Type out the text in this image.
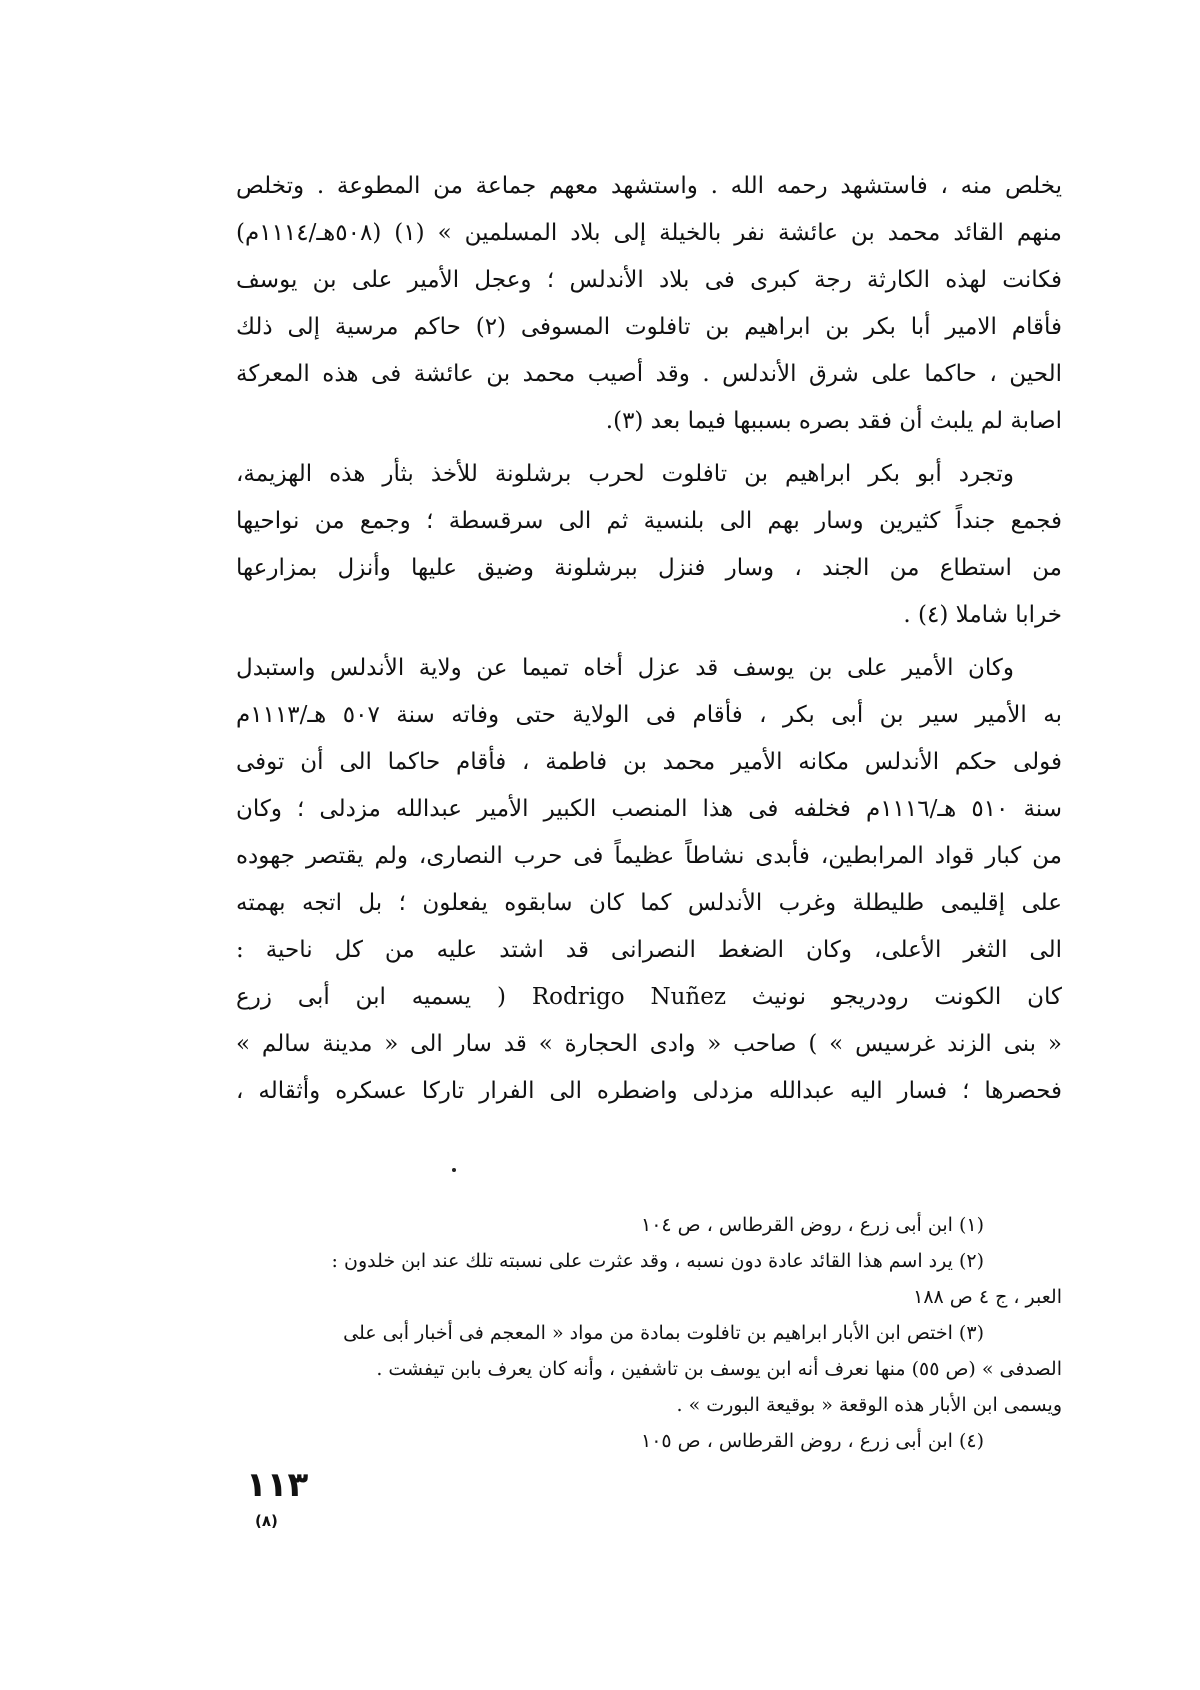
يخلص منه ، فاستشهد رحمه الله . واستشهد معهم جماعة من المطوعة . وتخلص
منهم القائد محمد بن عائشة نفر بالخيلة إلى بلاد المسلمين » (١) (٥٠٨هـ/١١١٤م)
فكانت لهذه الكارثة رجة كبرى فى بلاد الأندلس ؛ وعجل الأمير على بن يوسف
فأقام الامير أبا بكر بن ابراهيم بن تافلوت المسوفى (٢) حاكم مرسية إلى ذلك
الحين ، حاكما على شرق الأندلس . وقد أصيب محمد بن عائشة فى هذه المعركة
اصابة لم يلبث أن فقد بصره بسببها فيما بعد (٣).
وتجرد أبو بكر ابراهيم بن تافلوت لحرب برشلونة للأخذ بثأر هذه الهزيمة،
فجمع جنداً كثيرين وسار بهم الى بلنسية ثم الى سرقسطة ؛ وجمع من نواحيها
من استطاع من الجند ، وسار فنزل ببرشلونة وضيق عليها وأنزل بمزارعها
خرابا شاملا (٤) .
وكان الأمير على بن يوسف قد عزل أخاه تميما عن ولاية الأندلس واستبدل
به الأمير سير بن أبى بكر ، فأقام فى الولاية حتى وفاته سنة ٥٠٧ هـ/١١١٣م
فولى حكم الأندلس مكانه الأمير محمد بن فاطمة ، فأقام حاكما الى أن توفى
سنة ٥١٠ هـ/١١١٦م فخلفه فى هذا المنصب الكبير الأمير عبدالله مزدلى ؛ وكان
من كبار قواد المرابطين، فأبدى نشاطاً عظيماً فى حرب النصارى، ولم يقتصر جهوده
على إقليمى طليطلة وغرب الأندلس كما كان سابقوه يفعلون ؛ بل اتجه بهمته
الى الثغر الأعلى، وكان الضغط النصرانى قد اشتد عليه من كل ناحية :
كان الكونت رودريجو نونيث Rodrigo Nuñez ( يسميه ابن أبى زرع
« بنى الزند غرسيس » ) صاحب « وادى الحجارة » قد سار الى « مدينة سالم »
فحصرها ؛ فسار اليه عبدالله مزدلى واضطره الى الفرار تاركا عسكره وأثقاله ،
(١) ابن أبى زرع ، روض القرطاس ، ص ١٠٤
(٢) يرد اسم هذا القائد عادة دون نسبه ، وقد عثرت على نسبته تلك عند ابن خلدون :
العبر ، ج ٤ ص ١٨٨
(٣) اختص ابن الأبار ابراهيم بن تافلوت بمادة من مواد « المعجم فى أخبار أبى على
الصدفى » (ص ٥٥) منها نعرف أنه ابن يوسف بن تاشفين ، وأنه كان يعرف بابن تيفشت .
ويسمى ابن الأبار هذه الوقعة « بوقيعة البورت » .
(٤) ابن أبى زرع ، روض القرطاس ، ص ١٠٥
١١٣
(٨)
